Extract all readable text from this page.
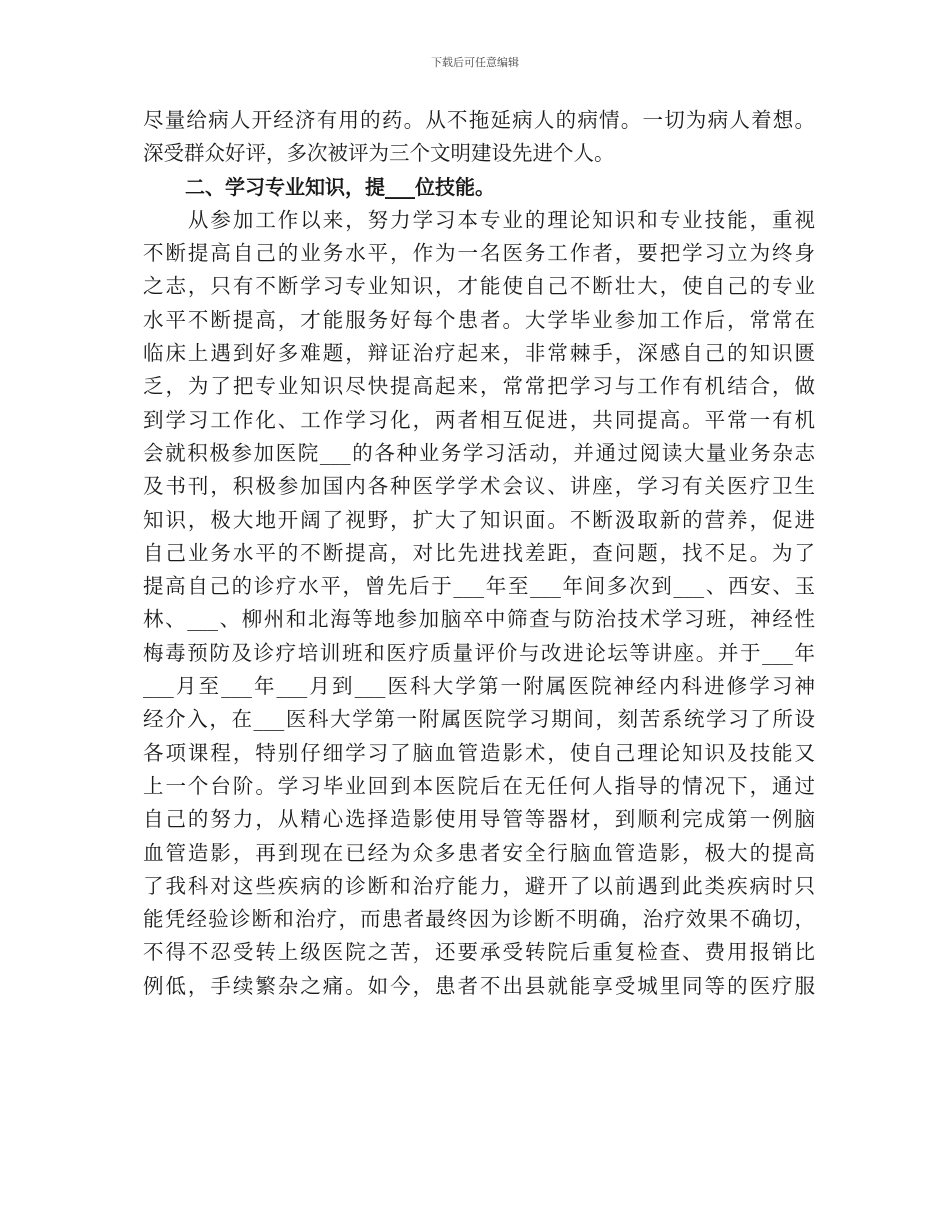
下载后可任意编辑
尽量给病人开经济有用的药。从不拖延病人的病情。一切为病人着想。
深受群众好评，多次被评为三个文明建设先进个人。
二、学习专业知识，提___位技能。
　　从参加工作以来，努力学习本专业的理论知识和专业技能，重视
不断提高自己的业务水平，作为一名医务工作者，要把学习立为终身
之志，只有不断学习专业知识，才能使自己不断壮大，使自己的专业
水平不断提高，才能服务好每个患者。大学毕业参加工作后，常常在
临床上遇到好多难题，辩证治疗起来，非常棘手，深感自己的知识匮
乏，为了把专业知识尽快提高起来，常常把学习与工作有机结合，做
到学习工作化、工作学习化，两者相互促进，共同提高。平常一有机
会就积极参加医院___的各种业务学习活动，并通过阅读大量业务杂志
及书刊，积极参加国内各种医学学术会议、讲座，学习有关医疗卫生
知识，极大地开阔了视野，扩大了知识面。不断汲取新的营养，促进
自己业务水平的不断提高，对比先进找差距，查问题，找不足。为了
提高自己的诊疗水平，曾先后于___年至___年间多次到___、西安、玉
林、___、柳州和北海等地参加脑卒中筛查与防治技术学习班，神经性
梅毒预防及诊疗培训班和医疗质量评价与改进论坛等讲座。并于___年
___月至___年___月到___医科大学第一附属医院神经内科进修学习神
经介入，在___医科大学第一附属医院学习期间，刻苦系统学习了所设
各项课程，特别仔细学习了脑血管造影术，使自己理论知识及技能又
上一个台阶。学习毕业回到本医院后在无任何人指导的情况下，通过
自己的努力，从精心选择造影使用导管等器材，到顺利完成第一例脑
血管造影，再到现在已经为众多患者安全行脑血管造影，极大的提高
了我科对这些疾病的诊断和治疗能力，避开了以前遇到此类疾病时只
能凭经验诊断和治疗，而患者最终因为诊断不明确，治疗效果不确切，
不得不忍受转上级医院之苦，还要承受转院后重复检查、费用报销比
例低，手续繁杂之痛。如今，患者不出县就能享受城里同等的医疗服
